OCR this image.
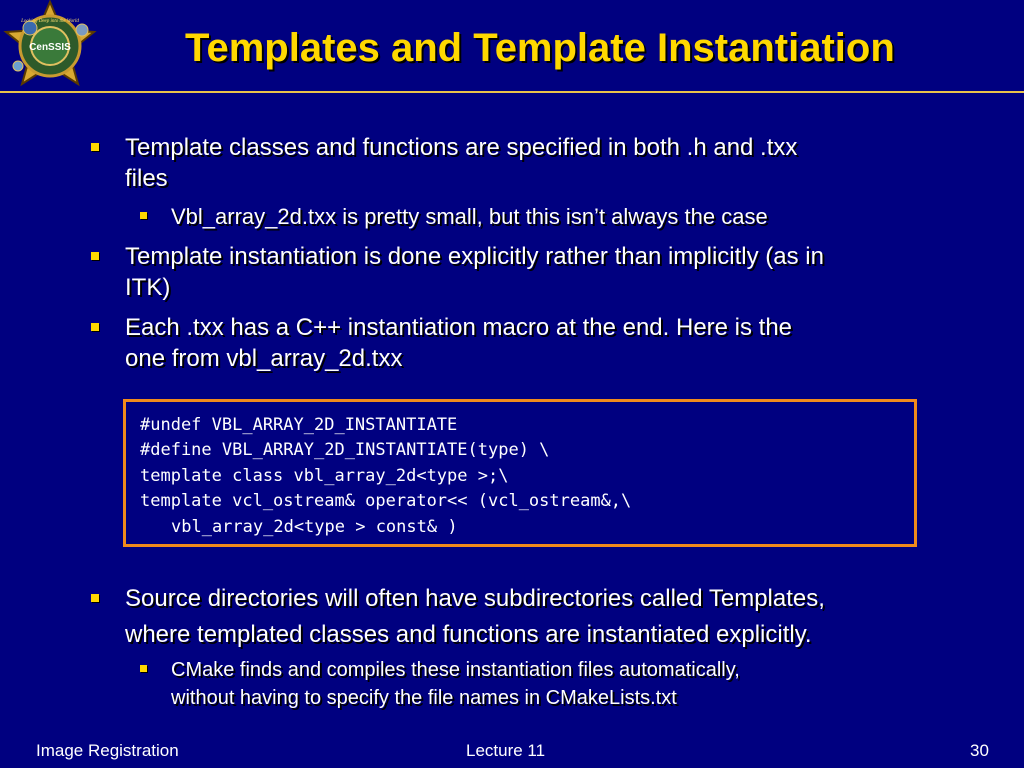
CenSSIS
Looking Deep into the World
Templates and Template Instantiation
Template classes and functions are specified in both .h and .txx
files
Vbl_array_2d.txx is pretty small, but this isn’t always the case
Template instantiation is done explicitly rather than implicitly (as in
ITK)
Each .txx has a C++ instantiation macro at the end. Here is the
one from vbl_array_2d.txx
#undef VBL_ARRAY_2D_INSTANTIATE
#define VBL_ARRAY_2D_INSTANTIATE(type) \
template class vbl_array_2d<type >;\
template vcl_ostream& operator<< (vcl_ostream&,\
vbl_array_2d<type > const& )
Source directories will often have subdirectories called Templates,
where templated classes and functions are instantiated explicitly.
CMake finds and compiles these instantiation files automatically,
without having to specify the file names in CMakeLists.txt
Image Registration	Lecture 11	30
